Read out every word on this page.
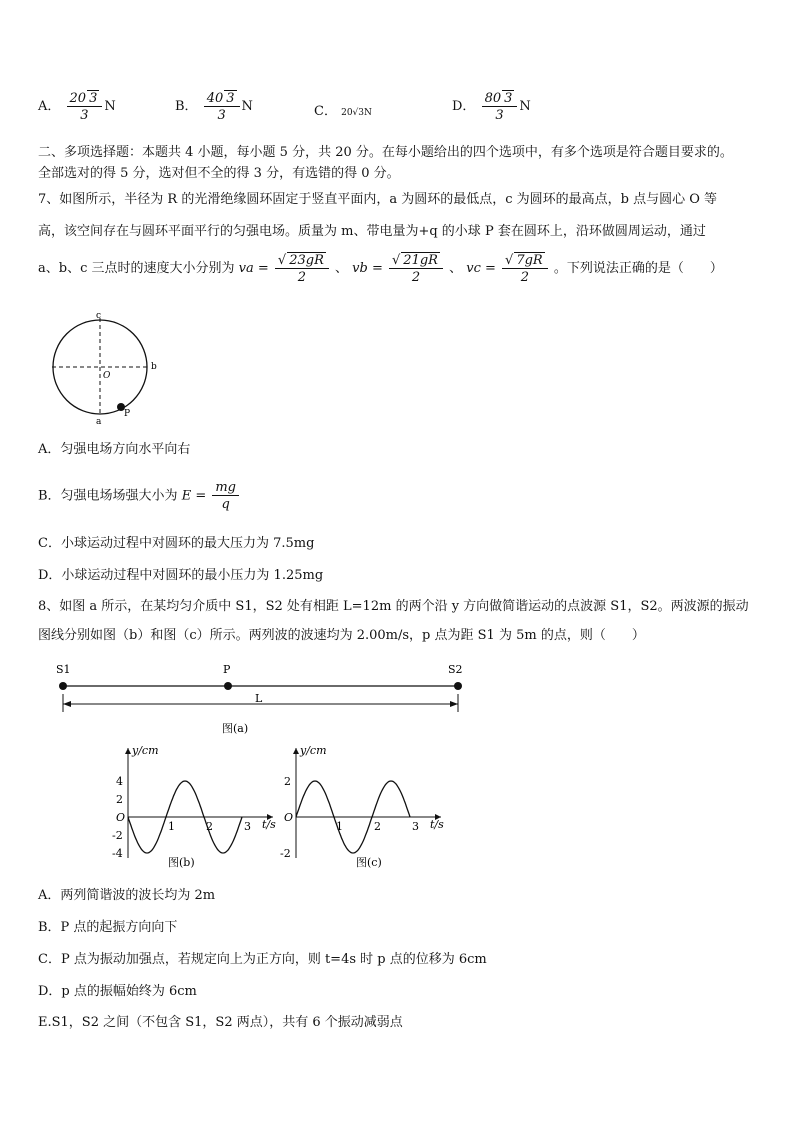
A． $\frac{20 3}{3}$ N	B． $\frac{40 3}{3}$ N	C． 20√3N	D． $\frac{80 3}{3}$ N
二、多项选择题：本题共 4 小题，每小题 5 分，共 20 分。在每小题给出的四个选项中，有多个选项是符合题目要求的。
全部选对的得 5 分，选对但不全的得 3 分，有选错的得 0 分。
7、如图所示，半径为 R 的光滑绝缘圆环固定于竖直平面内，a 为圆环的最低点，c 为圆环的最高点，b 点与圆心 O 等
高，该空间存在与圆环平面平行的匀强电场。质量为 m、带电量为+q 的小球 P 套在圆环上，沿环做圆周运动，通过
a、b、c 三点时的速度大小分别为 va = $\frac{√ 23gR}{2}$ 、 vb = $\frac{√ 21gR}{2}$ 、 vc = $\frac{√ 7gR}{2}$ 。下列说法正确的是（　　）
c
b
O
a
P
A．匀强电场方向水平向右
B．匀强电场场强大小为 $E = \frac{mg}{q}$
C．小球运动过程中对圆环的最大压力为 7.5mg
D．小球运动过程中对圆环的最小压力为 1.25mg
8、如图 a 所示，在某均匀介质中 S1，S2 处有相距 L=12m 的两个沿 y 方向做简谐运动的点波源 S1，S2。两波源的振动
图线分别如图（b）和图（c）所示。两列波的波速均为 2.00m/s，p 点为距 S1 为 5m 的点，则（　　）
S1	P	S2
L
图(a)
y/cm
t/s
图(b)
4
2
O
-2
-4
1	2	3
y/cm
t/s
图(c)
2
O
-2
1	2	3
A．两列简谐波的波长均为 2m
B．P 点的起振方向向下
C．P 点为振动加强点，若规定向上为正方向，则 t=4s 时 p 点的位移为 6cm
D．p 点的振幅始终为 6cm
E.S1，S2 之间（不包含 S1，S2 两点），共有 6 个振动减弱点
